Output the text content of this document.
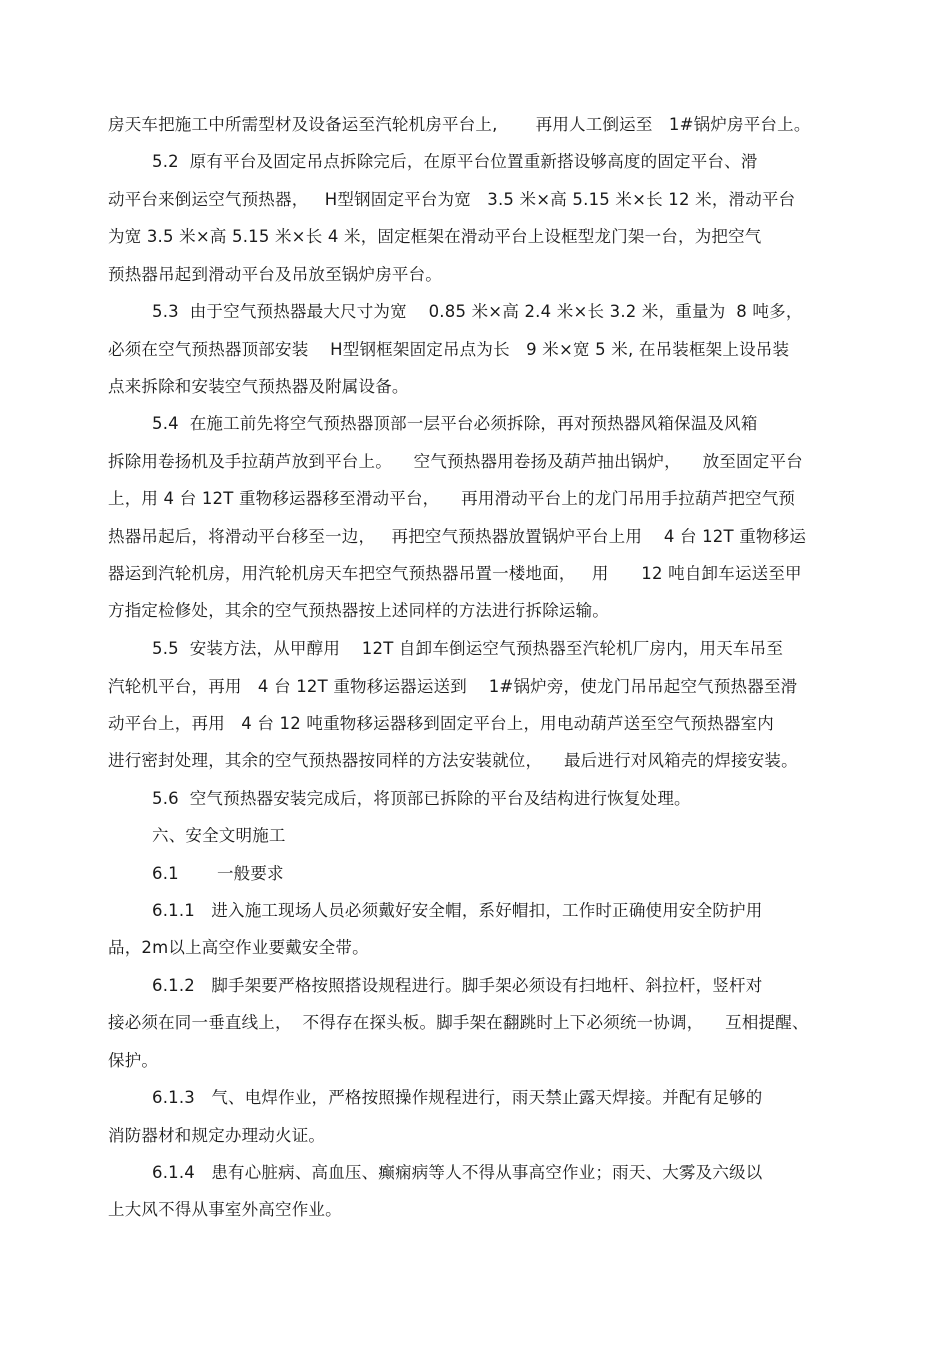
房天车把施工中所需型材及设备运至汽轮机房平台上,       再用人工倒运至   1#锅炉房平台上。
5.2  原有平台及固定吊点拆除完后，在原平台位置重新搭设够高度的固定平台、滑
动平台来倒运空气预热器，   H型钢固定平台为宽   3.5 米×高 5.15 米×长 12 米，滑动平台
为宽 3.5 米×高 5.15 米×长 4 米，固定框架在滑动平台上设框型龙门架一台，为把空气
预热器吊起到滑动平台及吊放至锅炉房平台。
5.3  由于空气预热器最大尺寸为宽    0.85 米×高 2.4 米×长 3.2 米，重量为  8 吨多，
必须在空气预热器顶部安装    H型钢框架固定吊点为长   9 米×宽 5 米, 在吊装框架上设吊装
点来拆除和安装空气预热器及附属设备。
5.4  在施工前先将空气预热器顶部一层平台必须拆除，再对预热器风箱保温及风箱
拆除用卷扬机及手拉葫芦放到平台上。    空气预热器用卷扬及葫芦抽出锅炉，    放至固定平台
上，用 4 台 12T 重物移运器移至滑动平台，    再用滑动平台上的龙门吊用手拉葫芦把空气预
热器吊起后，将滑动平台移至一边，   再把空气预热器放置锅炉平台上用    4 台 12T 重物移运
器运到汽轮机房，用汽轮机房天车把空气预热器吊置一楼地面，   用      12 吨自卸车运送至甲
方指定检修处，其余的空气预热器按上述同样的方法进行拆除运输。
5.5  安装方法，从甲醇用    12T 自卸车倒运空气预热器至汽轮机厂房内，用天车吊至
汽轮机平台，再用   4 台 12T 重物移运器运送到    1#锅炉旁，使龙门吊吊起空气预热器至滑
动平台上，再用   4 台 12 吨重物移运器移到固定平台上，用电动葫芦送至空气预热器室内
进行密封处理，其余的空气预热器按同样的方法安装就位，    最后进行对风箱壳的焊接安装。
5.6  空气预热器安装完成后，将顶部已拆除的平台及结构进行恢复处理。
六、安全文明施工
6.1       一般要求
6.1.1   进入施工现场人员必须戴好安全帽，系好帽扣，工作时正确使用安全防护用
品，2m以上高空作业要戴安全带。
6.1.2   脚手架要严格按照搭设规程进行。脚手架必须设有扫地杆、斜拉杆，竖杆对
接必须在同一垂直线上，  不得存在探头板。脚手架在翻跳时上下必须统一协调，    互相提醒、
保护。
6.1.3   气、电焊作业，严格按照操作规程进行，雨天禁止露天焊接。并配有足够的
消防器材和规定办理动火证。
6.1.4   患有心脏病、高血压、癫痫病等人不得从事高空作业；雨天、大雾及六级以
上大风不得从事室外高空作业。
